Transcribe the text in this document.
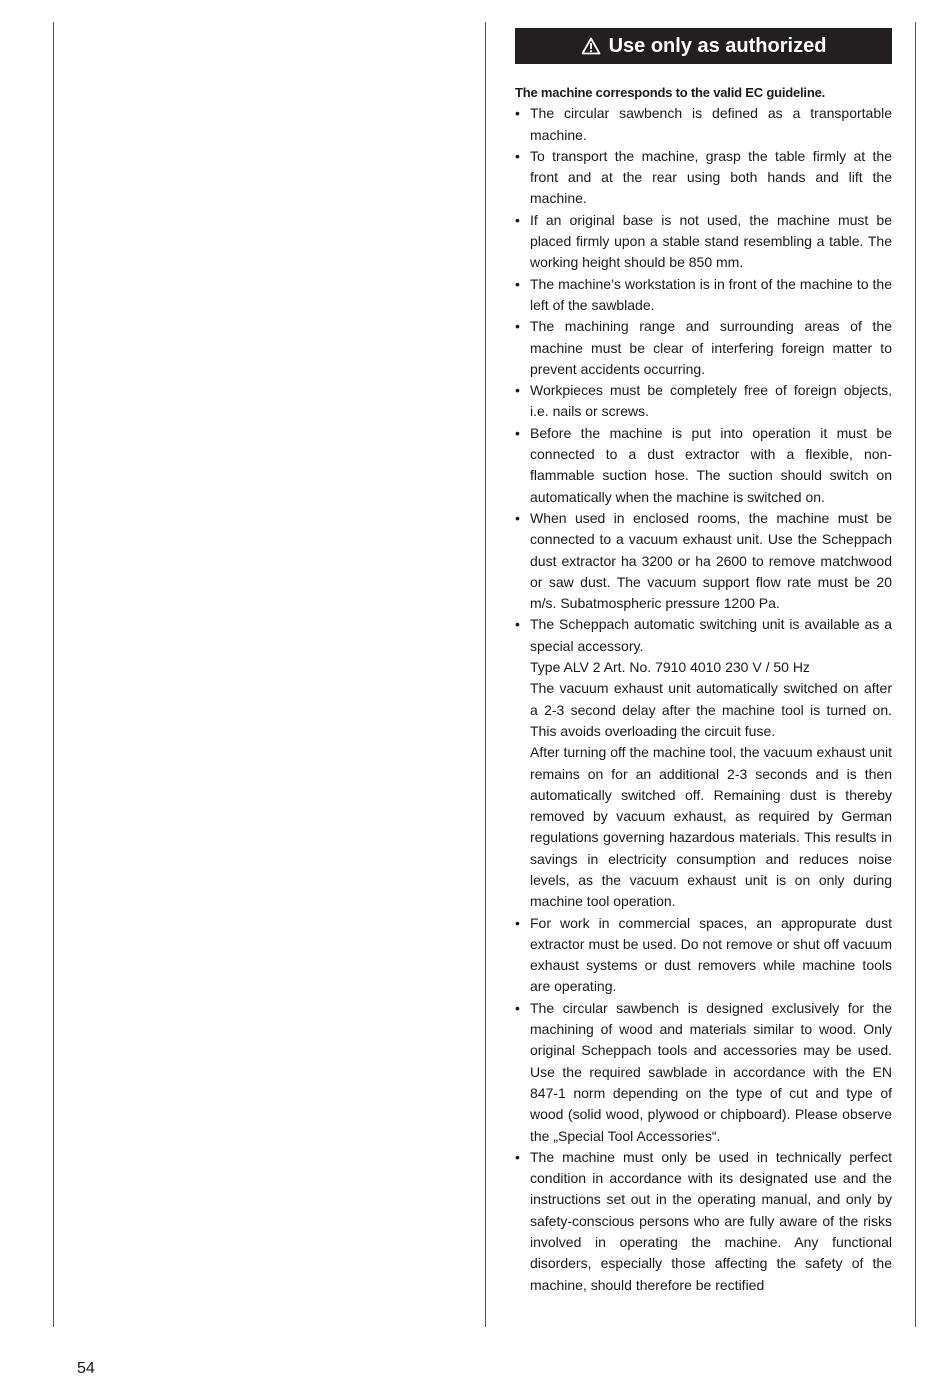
Use only as authorized
The machine corresponds to the valid EC guideline.
• The circular sawbench is defined as a transportable machine.
• To transport the machine, grasp the table firmly at the front and at the rear using both hands and lift the machine.
• If an original base is not used, the machine must be placed firmly upon a stable stand resembling a table. The working height should be 850 mm.
• The machine’s workstation is in front of the machine to the left of the sawblade.
• The machining range and surrounding areas of the machine must be clear of interfering foreign matter to prevent accidents occurring.
• Workpieces must be completely free of foreign objects, i.e. nails or screws.
• Before the machine is put into operation it must be connected to a dust extractor with a flexible, non-flammable suction hose. The suction should switch on automatically when the machine is switched on.
• When used in enclosed rooms, the machine must be connected to a vacuum exhaust unit. Use the Scheppach dust extractor ha 3200 or ha 2600 to remove matchwood or saw dust. The vacuum support flow rate must be 20 m/s. Subatmospheric pressure 1200 Pa.
• The Scheppach automatic switching unit is available as a special accessory.
Type ALV 2 Art. No. 7910 4010 230 V / 50 Hz
The vacuum exhaust unit automatically switched on after a 2-3 second delay after the machine tool is turned on. This avoids overloading the circuit fuse.
After turning off the machine tool, the vacuum exhaust unit remains on for an additional 2-3 seconds and is then automatically switched off. Remaining dust is thereby removed by vacuum exhaust, as required by German regulations governing hazardous materials. This results in savings in electricity consumption and reduces noise levels, as the vacuum exhaust unit is on only during machine tool operation.
• For work in commercial spaces, an appropurate dust extractor must be used. Do not remove or shut off vacuum exhaust systems or dust removers while machine tools are operating.
• The circular sawbench is designed exclusively for the machining of wood and materials similar to wood. Only original Scheppach tools and accessories may be used. Use the required sawblade in accordance with the EN 847-1 norm depending on the type of cut and type of wood (solid wood, plywood or chipboard). Please observe the „Special Tool Accessories“.
• The machine must only be used in technically perfect condition in accordance with its designated use and the instructions set out in the operating manual, and only by safety-conscious persons who are fully aware of the risks involved in operating the machine. Any functional disorders, especially those affecting the safety of the machine, should therefore be rectified
54
